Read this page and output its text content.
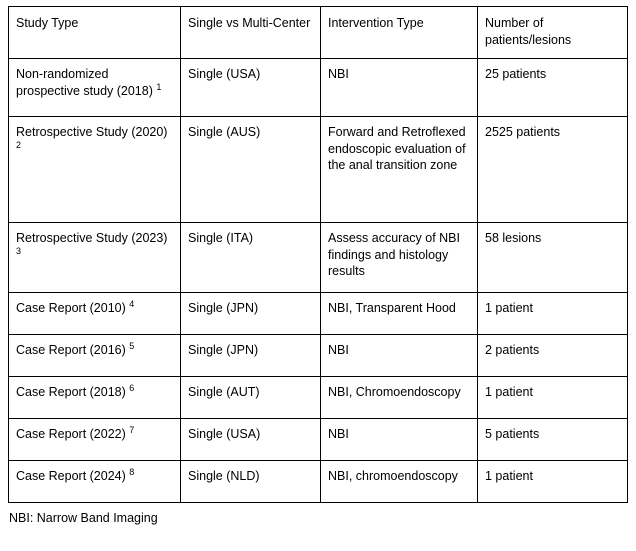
Study Type	Single vs Multi-Center	Intervention Type	Number of patients/lesions
Non-randomized prospective study (2018) $^1$	Single (USA)	NBI	25 patients
Retrospective Study (2020) $^2$	Single (AUS)	Forward and Retroflexed endoscopic evaluation of the anal transition zone	2525 patients
Retrospective Study (2023) $^3$	Single (ITA)	Assess accuracy of NBI findings and histology results	58 lesions
Case Report (2010) $^4$	Single (JPN)	NBI, Transparent Hood	1 patient
Case Report (2016) $^5$	Single (JPN)	NBI	2 patients
Case Report (2018) $^6$	Single (AUT)	NBI, Chromoendoscopy	1 patient
Case Report (2022) $^7$	Single (USA)	NBI	5 patients
Case Report (2024) $^8$	Single (NLD)	NBI, chromoendoscopy	1 patient
NBI: Narrow Band Imaging
